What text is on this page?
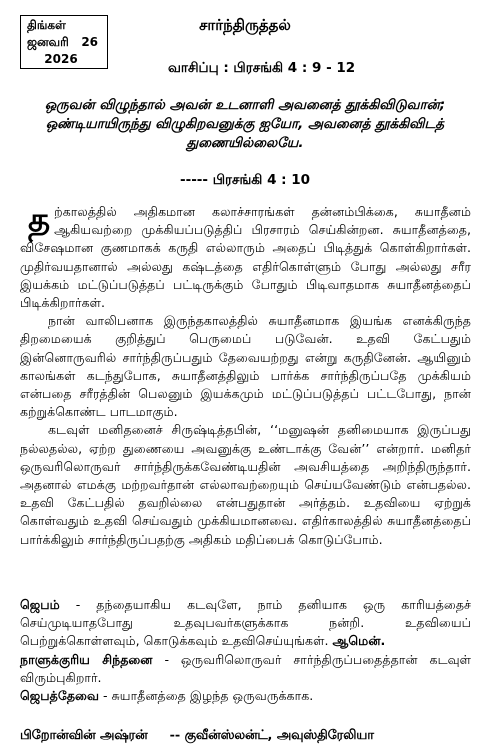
திங்கள்
ஜனவரி 26
2026
சார்ந்திருத்தல்
வாசிப்பு : பிரசங்கி 4 : 9 - 12
ஒருவன் விழுந்தால் அவன் உடனாளி அவனைத் தூக்கிவிடுவான்; ஒண்டியாயிருந்து விழுகிறவனுக்கு ஐயோ, அவனைத் தூக்கிவிடத் துணையில்லையே.
----- பிரசங்கி 4 : 10

தற்காலத்தில் அதிகமான கலாச்சாரங்கள் தன்னம்பிக்கை, சுயாதீனம் ஆகியவற்றை முக்கியப்படுத்திப் பிரசாரம் செய்கின்றன. சுயாதீனத்தை, விசேஷமான குணமாகக் கருதி எல்லாரும் அதைப் பிடித்துக் கொள்கிறார்கள். முதிர்வயதானால் அல்லது கஷ்டத்தை எதிர்கொள்ளும் போது அல்லது சரீர இயக்கம் மட்டுப்படுத்தப் பட்டிருக்கும் போதும் பிடிவாதமாக சுயாதீனத்தைப் பிடிக்கிறார்கள்.

நான் வாலிபனாக இருந்தகாலத்தில் சுயாதீனமாக இயங்க எனக்கிருந்த திறமையைக் குறித்துப் பெருமைப் படுவேன். உதவி கேட்பதும் இன்னொருவரில் சார்ந்திருப்பதும் தேவையற்றது என்று கருதினேன். ஆயினும் காலங்கள் கடந்துபோக, சுயாதீனத்திலும் பார்க்க சார்ந்திருப்பதே முக்கியம் என்பதை சரீரத்தின் பெலனும் இயக்கமும் மட்டுப்படுத்தப் பட்டபோது, நான் கற்றுக்கொண்ட பாடமாகும்.

கடவுள் மனிதனைச் சிருஷ்டித்தபின், ‘‘மனுஷன் தனிமையாக இருப்பது நல்லதல்ல, ஏற்ற துணையை அவனுக்கு உண்டாக்கு வேன்’’ என்றார். மனிதர் ஒருவரிலொருவர் சார்ந்திருக்கவேண்டியதின் அவசியத்தை அறிந்திருந்தார். அதனால் எமக்கு மற்றவர்தான் எல்லாவற்றையும் செய்யவேண்டும் என்பதல்ல. உதவி கேட்பதில் தவறில்லை என்பதுதான் அர்த்தம். உதவியை ஏற்றுக் கொள்வதும் உதவி செய்வதும் முக்கியமானவை. எதிர்காலத்தில் சுயாதீனத்தைப் பார்க்கிலும் சார்ந்திருப்பதற்கு அதிகம் மதிப்பைக் கொடுப்போம்.

ஜெபம் - தந்தையாகிய கடவுளே, நாம் தனியாக ஒரு காரியத்தைச் செய்முடியாதபோது உதவுபவர்களுக்காக நன்றி. உதவியைப் பெற்றுக்கொள்ளவும், கொடுக்கவும் உதவிசெய்யுங்கள். ஆமென்.

நாளுக்குரிய சிந்தனை - ஒருவரிலொருவர் சார்ந்திருப்பதைத்தான் கடவுள் விரும்புகிறார்.

ஜெபத்தேவை - சுயாதீனத்தை இழந்த ஒருவருக்காக.

பிறோன்வின் அஷ்ரன் -- குவீன்ஸ்லன்ட், அவுஸ்திரேலியா
